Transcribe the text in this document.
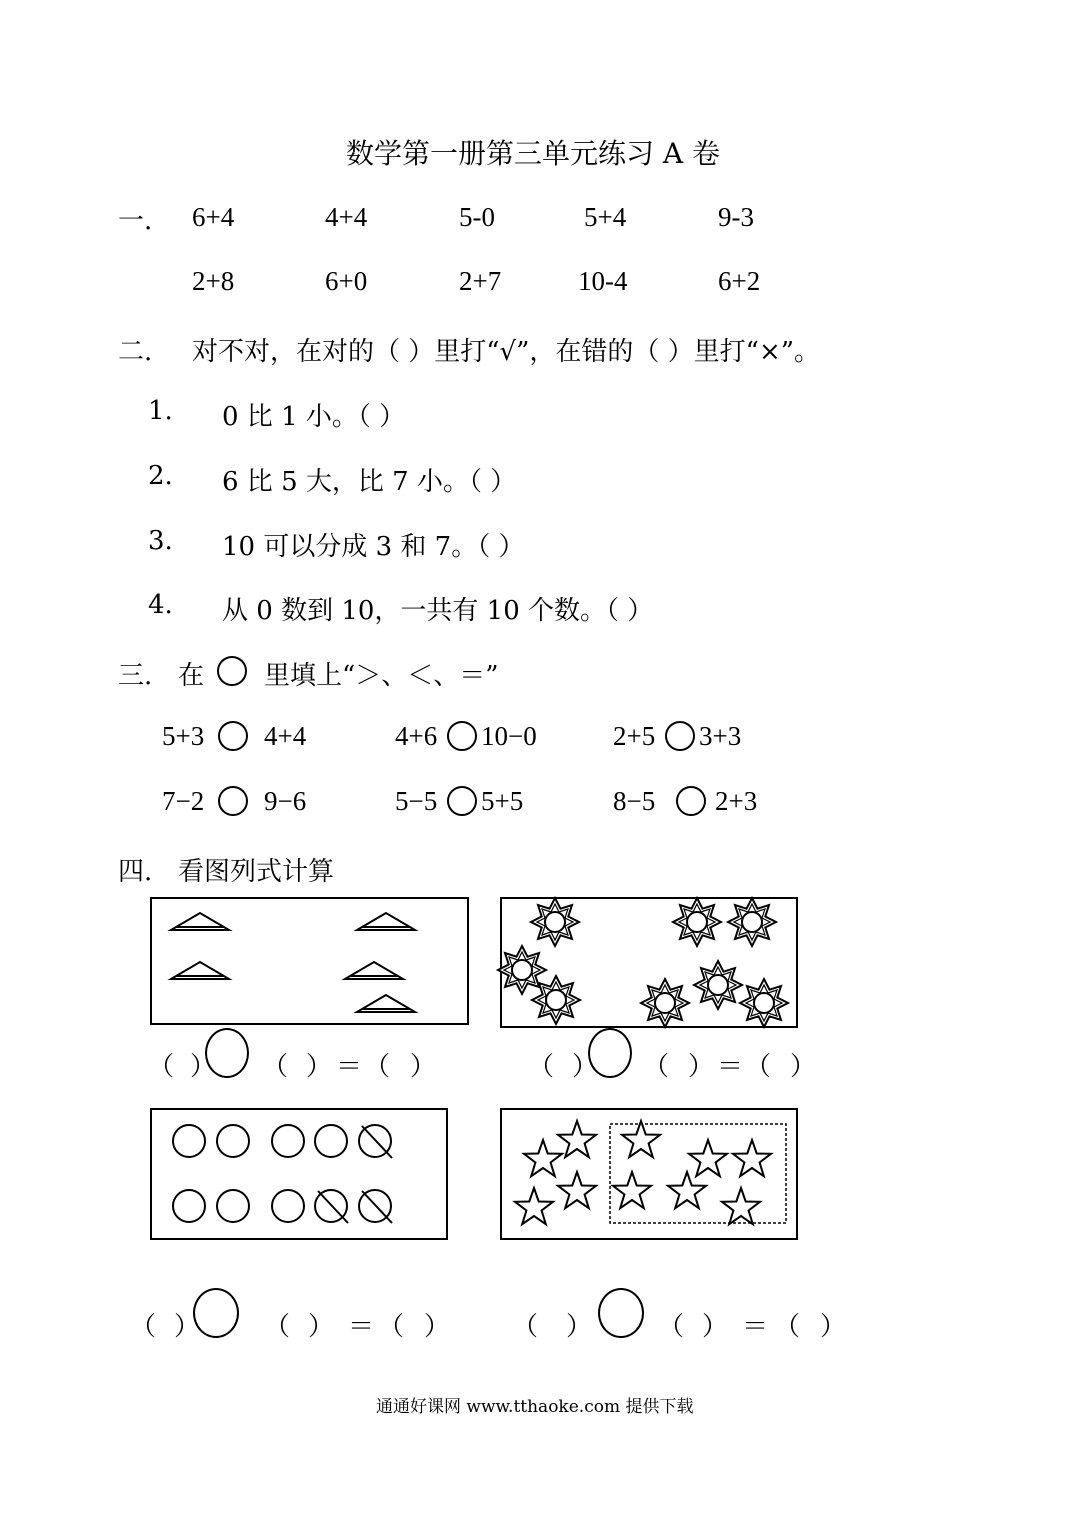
数学第一册第三单元练习 A 卷
一. 6+4	4+4	5-0	5+4	9-3
2+8	6+0	2+7	10-4	6+2
二. 对不对，在对的（ ）里打“√”，在错的（ ）里打“×”。
1. 0 比 1 小。（ ）
2. 6 比 5 大，比 7 小。（ ）
3. 10 可以分成 3 和 7。（ ）
4. 从 0 数到 10，一共有 10 个数。（ ）
三. 在 里填上“＞、＜、＝”
5+3 4+4	4+6 10−0	2+5 3+3
7−2 9−6	5−5 5+5	8−5 2+3
四. 看图列式计算
（ ） （ ） ＝ （ ）	（ ） （ ） ＝ （ ）
（ ） （ ） ＝ （ ） （ ）	（ ） ＝ （ ）
通通好课网 www.tthaoke.com 提供下载
